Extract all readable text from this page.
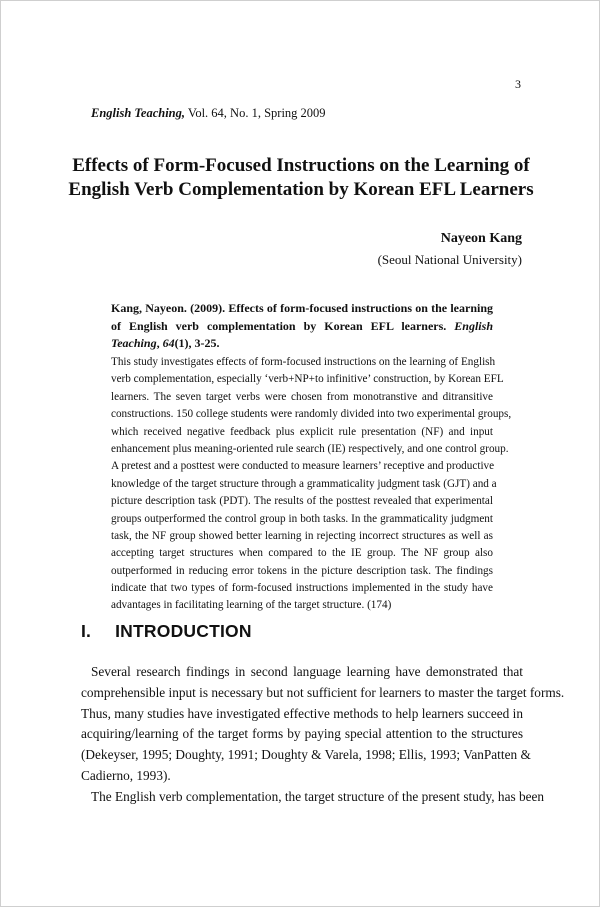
3
English Teaching, Vol. 64, No. 1, Spring 2009
Effects of Form-Focused Instructions on the Learning of
English Verb Complementation by Korean EFL Learners
Nayeon Kang
(Seoul National University)
Kang, Nayeon. (2009). Effects of form-focused instructions on the learning of English verb complementation by Korean EFL learners. English Teaching, 64(1), 3-25.
This study investigates effects of form-focused instructions on the learning of English
verb complementation, especially ‘verb+NP+to infinitive’ construction, by Korean EFL
learners. The seven target verbs were chosen from monotranstive and ditransitive
constructions. 150 college students were randomly divided into two experimental groups,
which received negative feedback plus explicit rule presentation (NF) and input
enhancement plus meaning-oriented rule search (IE) respectively, and one control group.
A pretest and a posttest were conducted to measure learners’ receptive and productive
knowledge of the target structure through a grammaticality judgment task (GJT) and a
picture description task (PDT). The results of the posttest revealed that experimental
groups outperformed the control group in both tasks. In the grammaticality judgment
task, the NF group showed better learning in rejecting incorrect structures as well as
accepting target structures when compared to the IE group. The NF group also
outperformed in reducing error tokens in the picture description task. The findings
indicate that two types of form-focused instructions implemented in the study have
advantages in facilitating learning of the target structure. (174)
I. INTRODUCTION
Several research findings in second language learning have demonstrated that
comprehensible input is necessary but not sufficient for learners to master the target forms.
Thus, many studies have investigated effective methods to help learners succeed in
acquiring/learning of the target forms by paying special attention to the structures
(Dekeyser, 1995; Doughty, 1991; Doughty & Varela, 1998; Ellis, 1993; VanPatten &
Cadierno, 1993).
The English verb complementation, the target structure of the present study, has been
